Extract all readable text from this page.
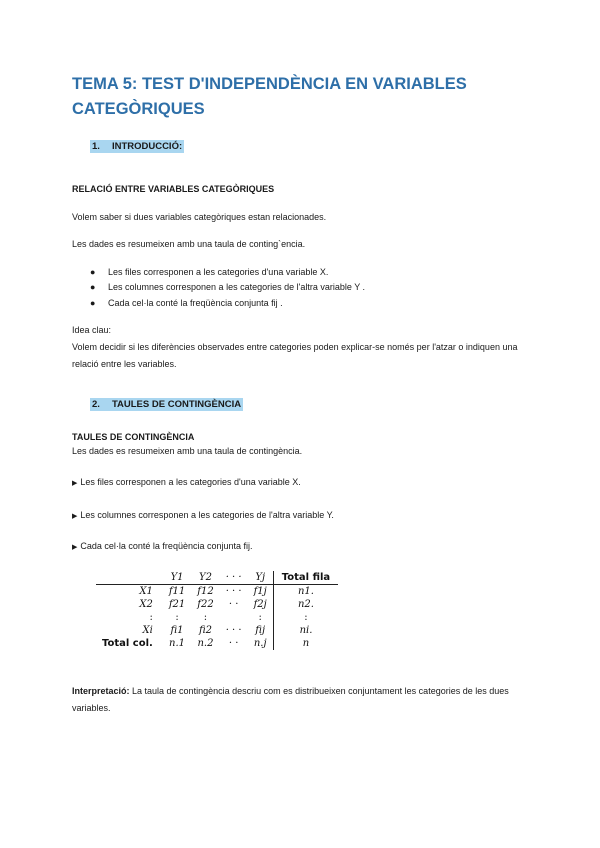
TEMA 5: TEST D'INDEPENDÈNCIA EN VARIABLES CATEGÒRIQUES
1. INTRODUCCIÓ:
RELACIÓ ENTRE VARIABLES CATEGÒRIQUES
Volem saber si dues variables categòriques estan relacionades.
Les dades es resumeixen amb una taula de conting`encia.
● Les files corresponen a les categories d'una variable X.
● Les columnes corresponen a les categories de l'altra variable Y .
● Cada cel·la conté la freqüència conjunta fij .
Idea clau:
Volem decidir si les diferències observades entre categories poden explicar-se només per l'atzar o indiquen una relació entre les variables.
2. TAULES DE CONTINGÈNCIA
TAULES DE CONTINGÈNCIA
Les dades es resumeixen amb una taula de contingència.
▶ Les files corresponen a les categories d'una variable X.
▶ Les columnes corresponen a les categories de l'altra variable Y.
▶ Cada cel·la conté la freqüència conjunta fij.
	Y1	Y2	· · ·	Yj	Total fila
X1	f11	f12	· · ·	f1j	n1.
X2	f21	f22	· ·	f2j	n2.
:	:	:		:	:
Xi	fi1	fi2	· · ·	fij	ni.
Total col.	n.1	n.2	· ·	n.j	n
Interpretació: La taula de contingència descriu com es distribueixen conjuntament les categories de les dues variables.
